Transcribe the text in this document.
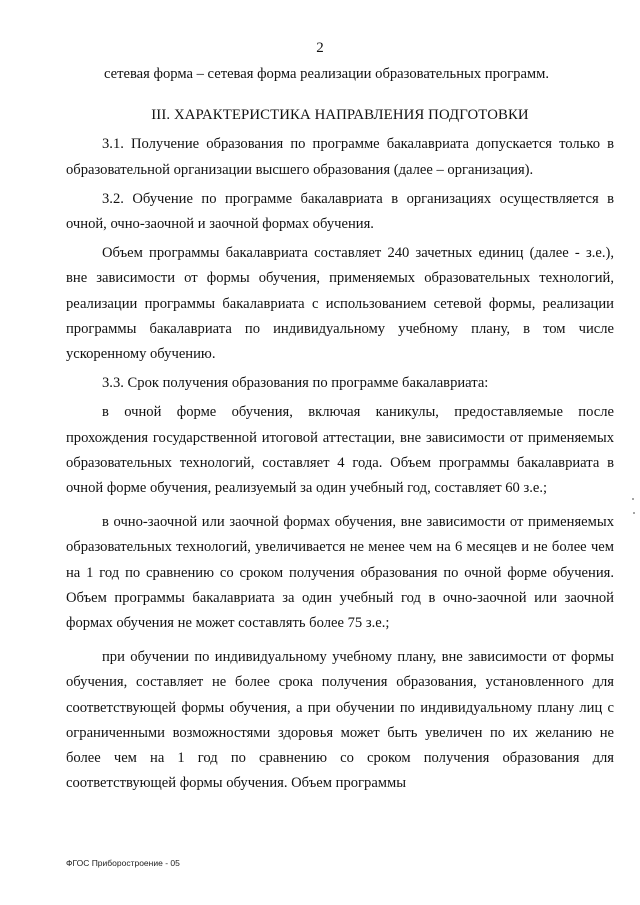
2

сетевая форма – сетевая форма реализации образовательных программ.

III. ХАРАКТЕРИСТИКА НАПРАВЛЕНИЯ ПОДГОТОВКИ

3.1. Получение образования по программе бакалавриата допускается только в образовательной организации высшего образования (далее – организация).

3.2. Обучение по программе бакалавриата в организациях осуществляется в очной, очно-заочной и заочной формах обучения.

Объем программы бакалавриата составляет 240 зачетных единиц (далее - з.е.), вне зависимости от формы обучения, применяемых образовательных технологий, реализации программы бакалавриата с использованием сетевой формы, реализации программы бакалавриата по индивидуальному учебному плану, в том числе ускоренному обучению.

3.3. Срок получения образования по программе бакалавриата:

в очной форме обучения, включая каникулы, предоставляемые после прохождения государственной итоговой аттестации, вне зависимости от применяемых образовательных технологий, составляет 4 года. Объем программы бакалавриата в очной форме обучения, реализуемый за один учебный год, составляет 60 з.е.;

в очно-заочной или заочной формах обучения, вне зависимости от применяемых образовательных технологий, увеличивается не менее чем на 6 месяцев и не более чем на 1 год по сравнению со сроком получения образования по очной форме обучения. Объем программы бакалавриата за один учебный год в очно-заочной или заочной формах обучения не может составлять более 75 з.е.;

при обучении по индивидуальному учебному плану, вне зависимости от формы обучения, составляет не более срока получения образования, установленного для соответствующей формы обучения, а при обучении по индивидуальному плану лиц с ограниченными возможностями здоровья может быть увеличен по их желанию не более чем на 1 год по сравнению со сроком получения образования для соответствующей формы обучения. Объем программы

ФГОС Приборостроение - 05
